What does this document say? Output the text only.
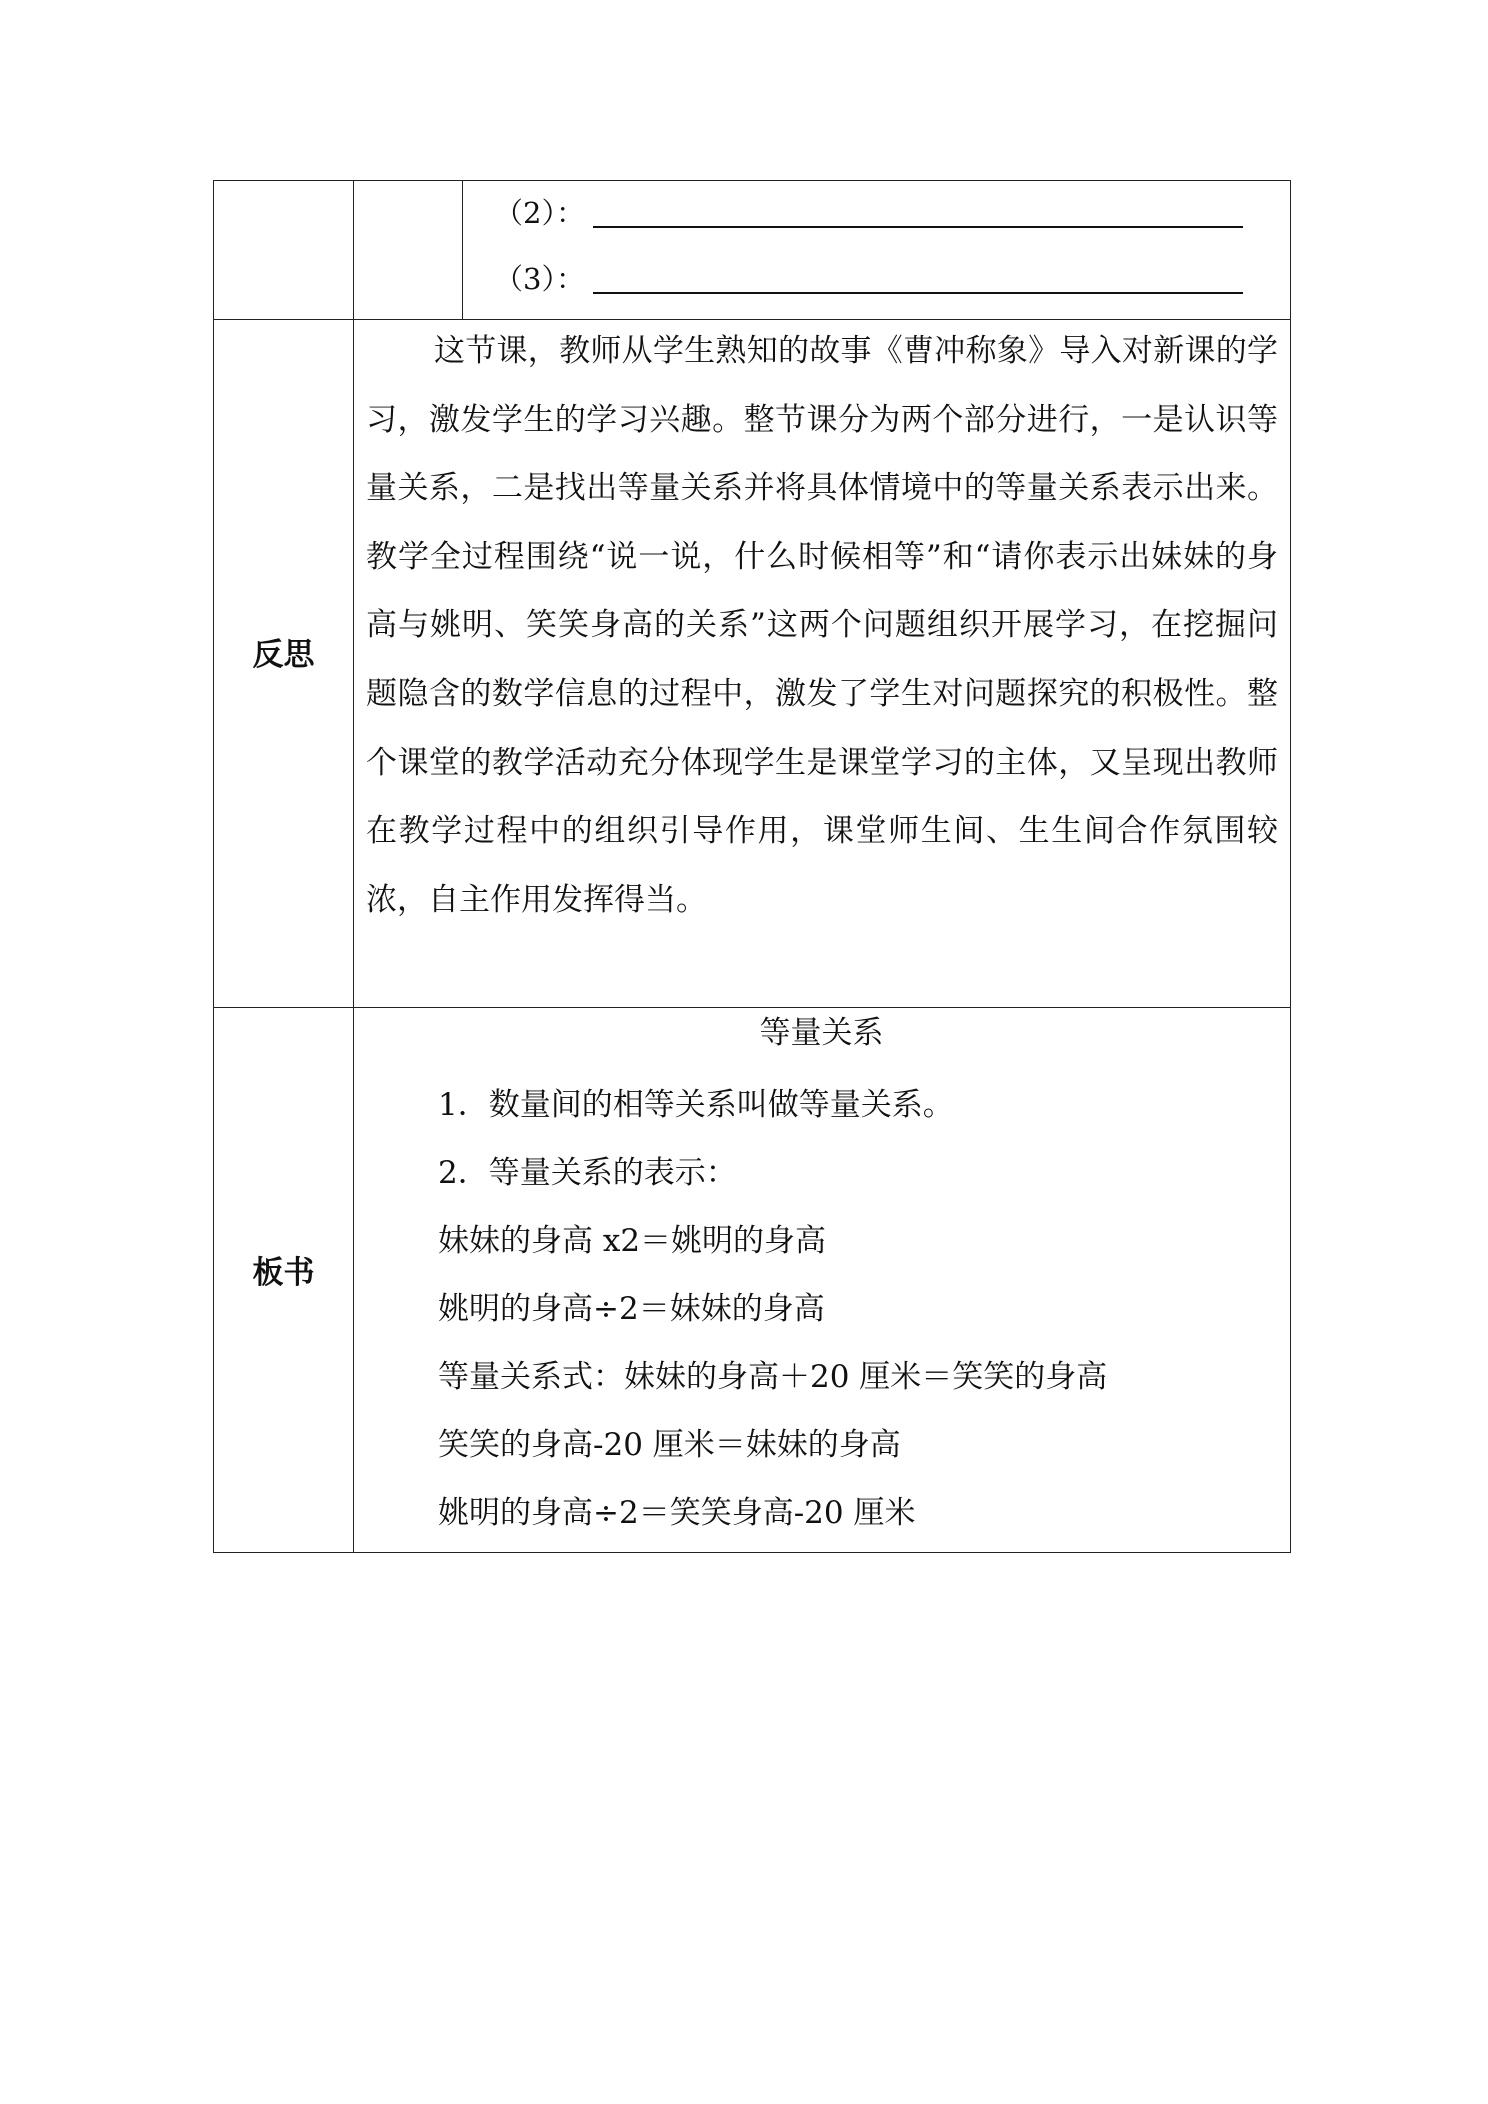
（2）：
（3）：
反思

这节课，教师从学生熟知的故事《曹冲称象》导入对新课的学习，激发学生的学习兴趣。整节课分为两个部分进行，一是认识等量关系，二是找出等量关系并将具体情境中的等量关系表示出来。教学全过程围绕“说一说，什么时候相等”和“请你表示出妹妹的身高与姚明、笑笑身高的关系”这两个问题组织开展学习，在挖掘问题隐含的数学信息的过程中，激发了学生对问题探究的积极性。整个课堂的教学活动充分体现学生是课堂学习的主体，又呈现出教师在教学过程中的组织引导作用，课堂师生间、生生间合作氛围较浓，自主作用发挥得当。

板书
等量关系
1．数量间的相等关系叫做等量关系。
2．等量关系的表示：
妹妹的身高 x2＝姚明的身高
姚明的身高÷2＝妹妹的身高
等量关系式：妹妹的身高＋20 厘米＝笑笑的身高
笑笑的身高-20 厘米＝妹妹的身高
姚明的身高÷2＝笑笑身高-20 厘米
